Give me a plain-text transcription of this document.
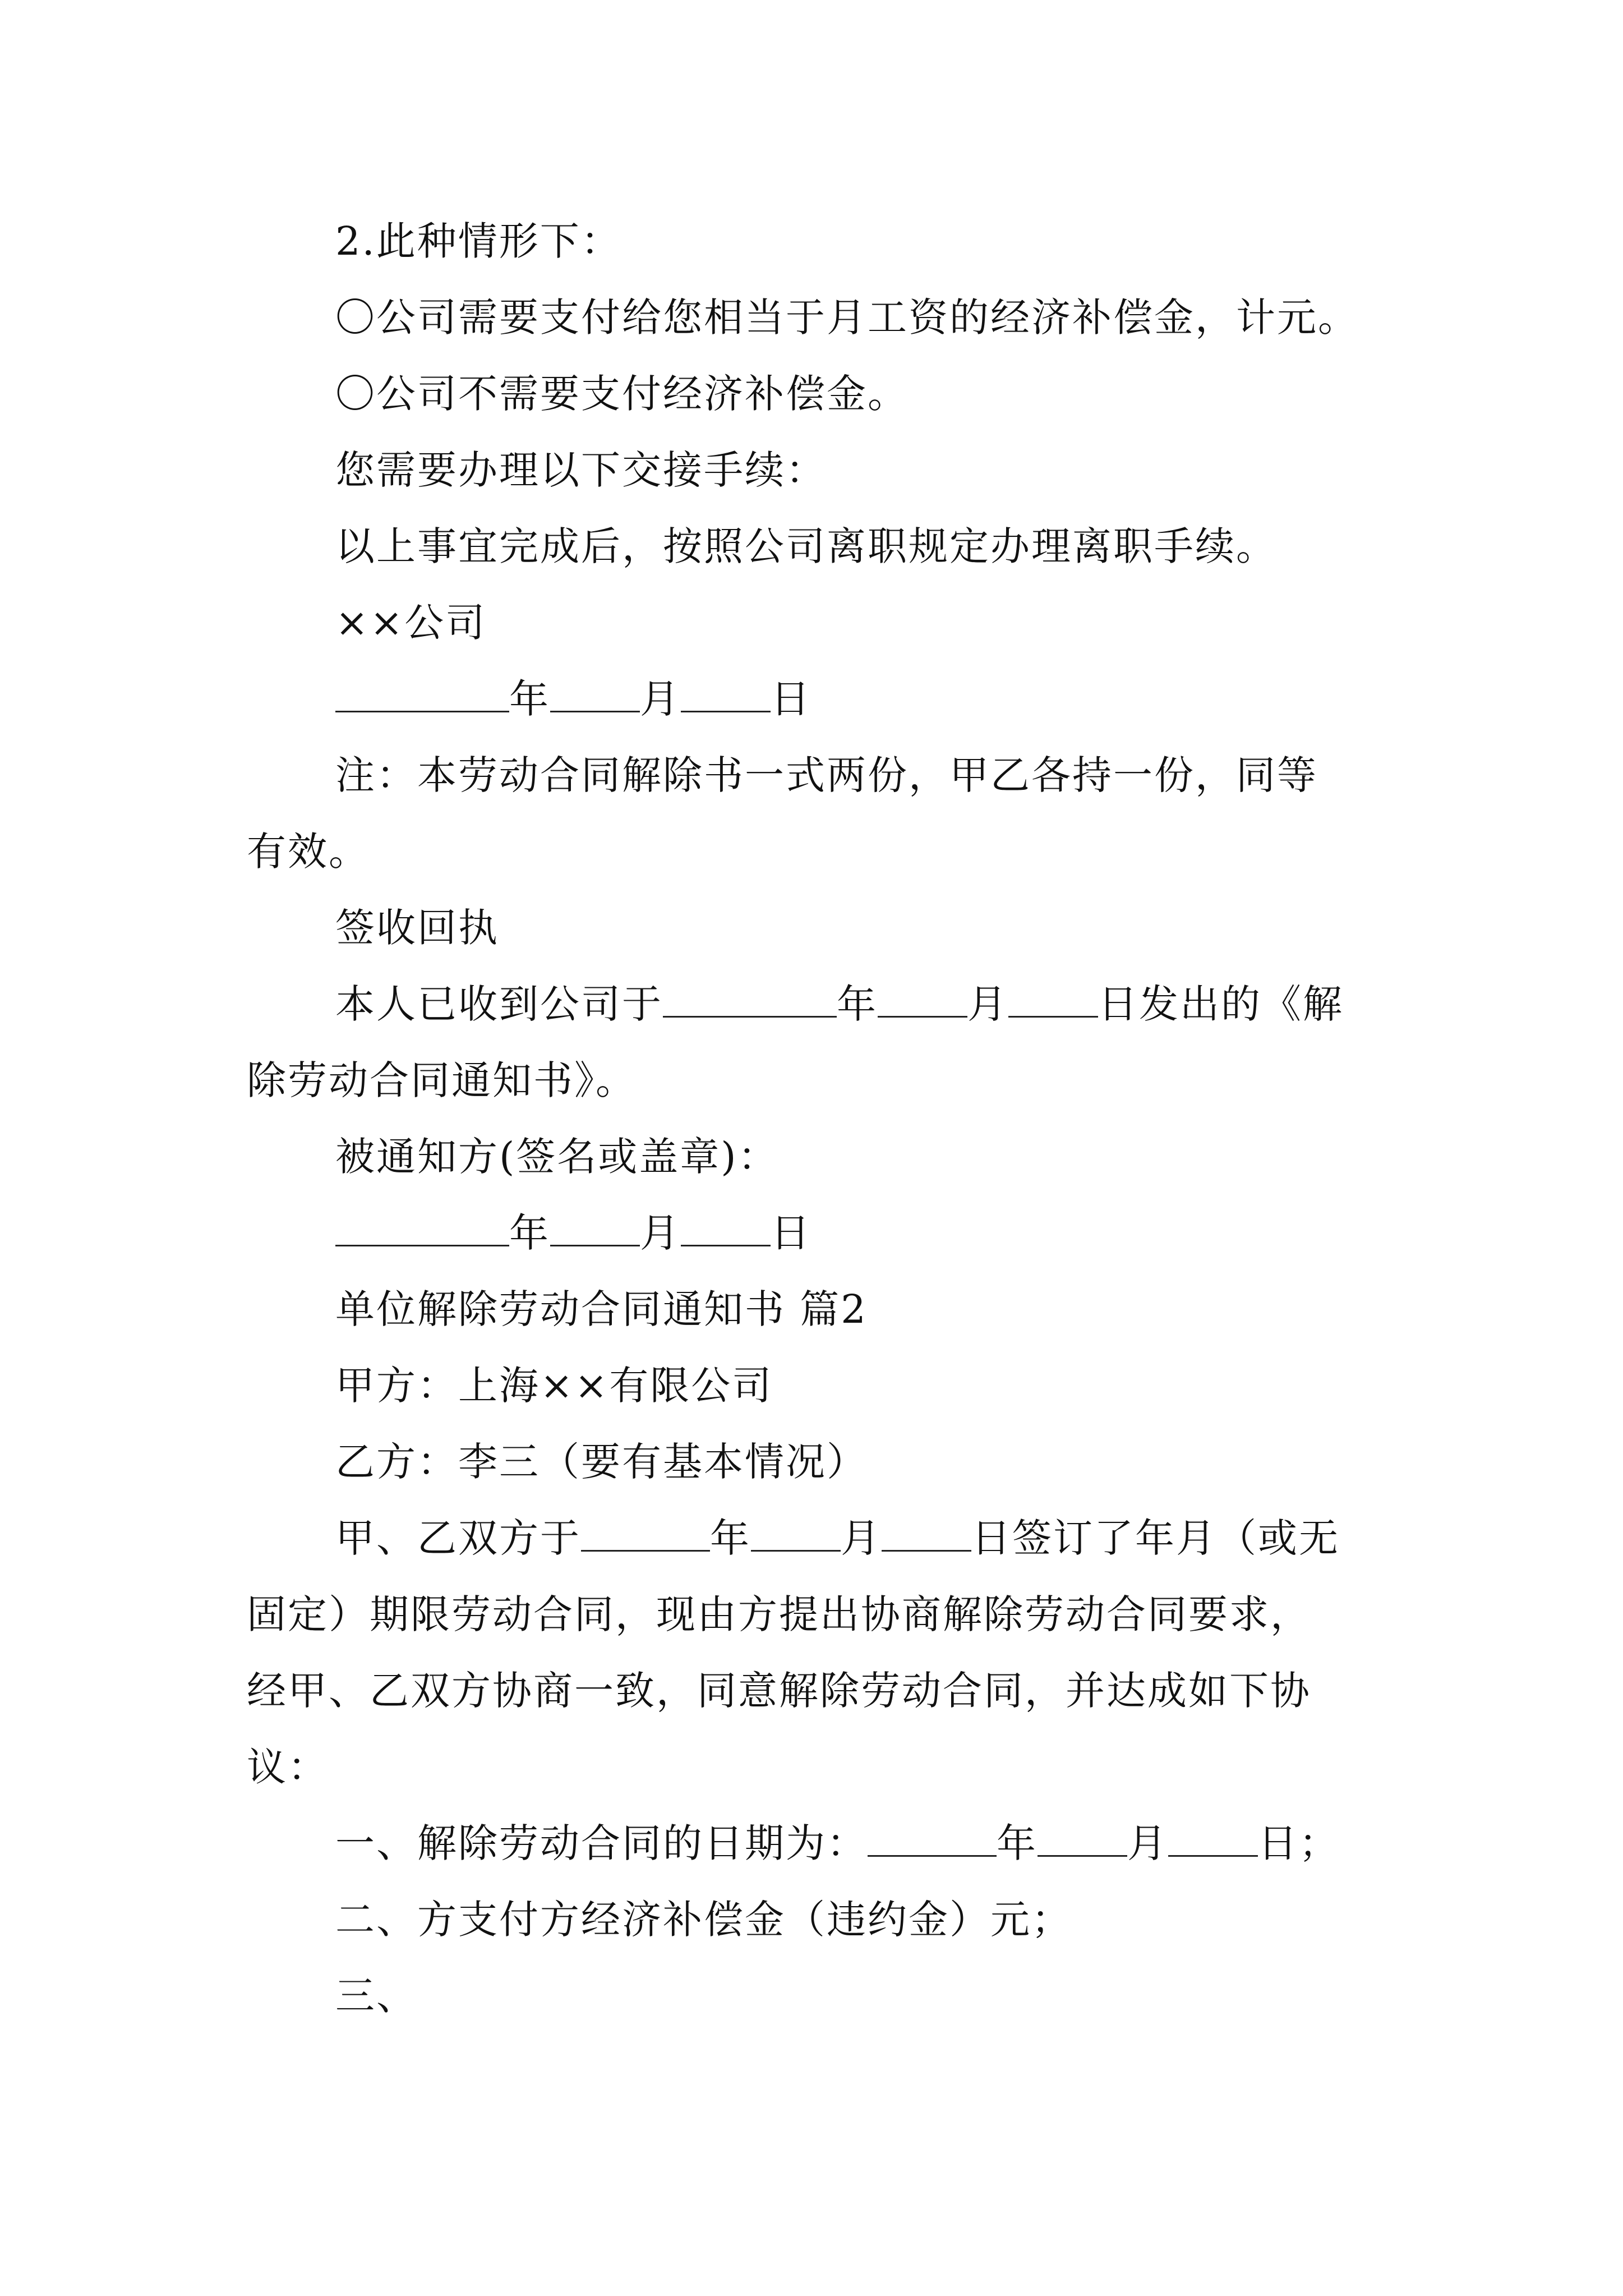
2.此种情形下：
〇公司需要支付给您相当于月工资的经济补偿金，计元。
〇公司不需要支付经济补偿金。
您需要办理以下交接手续：
以上事宜完成后，按照公司离职规定办理离职手续。
××公司
年 月 日
注：本劳动合同解除书一式两份，甲乙各持一份，同等
有效。
签收回执
本人已收到公司于	年 月 日发出的《解
除劳动合同通知书》。
被通知方(签名或盖章)：
年 月 日
单位解除劳动合同通知书 篇2
甲方：上海××有限公司
乙方：李三（要有基本情况）
甲、乙双方于	年 月 日签订了年月（或无
固定）期限劳动合同，现由方提出协商解除劳动合同要求，
经甲、乙双方协商一致，同意解除劳动合同，并达成如下协
议：
一、解除劳动合同的日期为：	年 月 日；
二、方支付方经济补偿金（违约金）元；
三、
